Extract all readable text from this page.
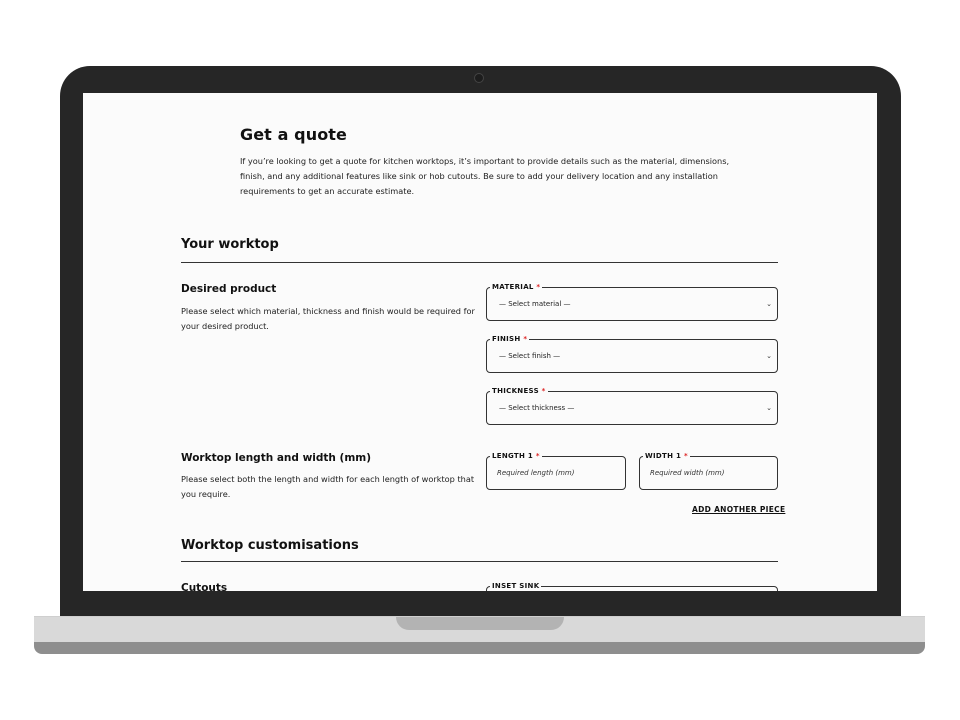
Get a quote
If you’re looking to get a quote for kitchen worktops, it’s important to provide details such as the material, dimensions, finish, and any additional features like sink or hob cutouts. Be sure to add your delivery location and any installation requirements to get an accurate estimate.
Your worktop
Desired product
Please select which material, thickness and finish would be required for your desired product.
MATERIAL *
— Select material —	⌄
FINISH *
— Select finish —	⌄
THICKNESS *
— Select thickness —	⌄
Worktop length and width (mm)
Please select both the length and width for each length of worktop that you require.
LENGTH 1 *
Required length (mm)
WIDTH 1 *
Required width (mm)
ADD ANOTHER PIECE
Worktop customisations
Cutouts	INSET SINK
